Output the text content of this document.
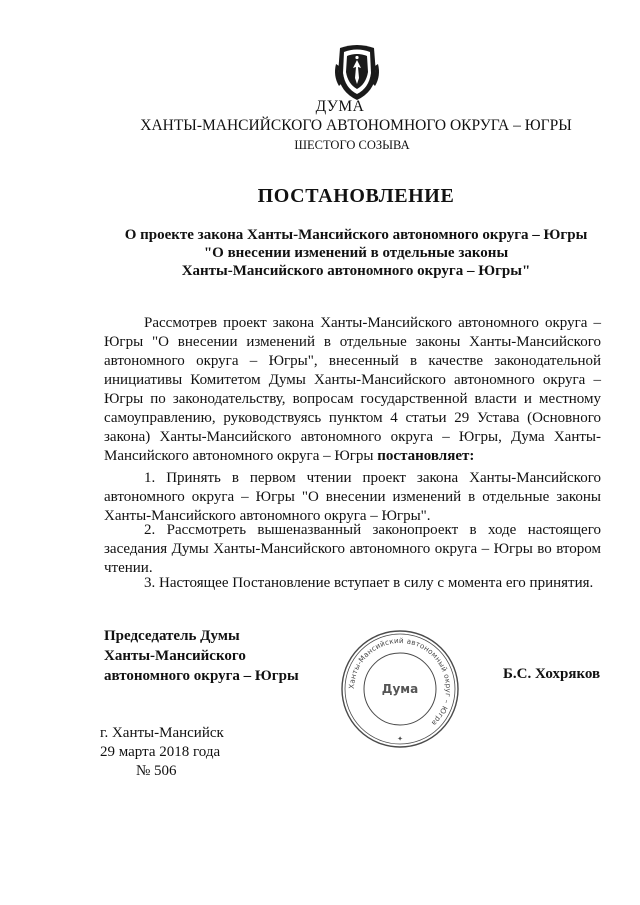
ДУМА
ХАНТЫ-МАНСИЙСКОГО АВТОНОМНОГО ОКРУГА – ЮГРЫ
ШЕСТОГО СОЗЫВА
ПОСТАНОВЛЕНИЕ
О проекте закона Ханты-Мансийского автономного округа – Югры
"О внесении изменений в отдельные законы
Ханты-Мансийского автономного округа – Югры"
Рассмотрев проект закона Ханты-Мансийского автономного округа – Югры "О внесении изменений в отдельные законы Ханты-Мансийского автономного округа – Югры", внесенный в качестве законодательной инициативы Комитетом Думы Ханты-Мансийского автономного округа – Югры по законодательству, вопросам государственной власти и местному самоуправлению, руководствуясь пунктом 4 статьи 29 Устава (Основного закона) Ханты-Мансийского автономного округа – Югры, Дума Ханты-Мансийского автономного округа – Югры постановляет:
1. Принять в первом чтении проект закона Ханты-Мансийского автономного округа – Югры "О внесении изменений в отдельные законы Ханты-Мансийского автономного округа – Югры".
2. Рассмотреть вышеназванный законопроект в ходе настоящего заседания Думы Ханты-Мансийского автономного округа – Югры во втором чтении.
3. Настоящее Постановление вступает в силу с момента его принятия.
Председатель Думы
Ханты-Мансийского
автономного округа – Югры
Ханты-Мансийский автономный округ – Югра
Дума
✦
Б.С. Хохряков
г. Ханты-Мансийск
29 марта 2018 года
№ 506
